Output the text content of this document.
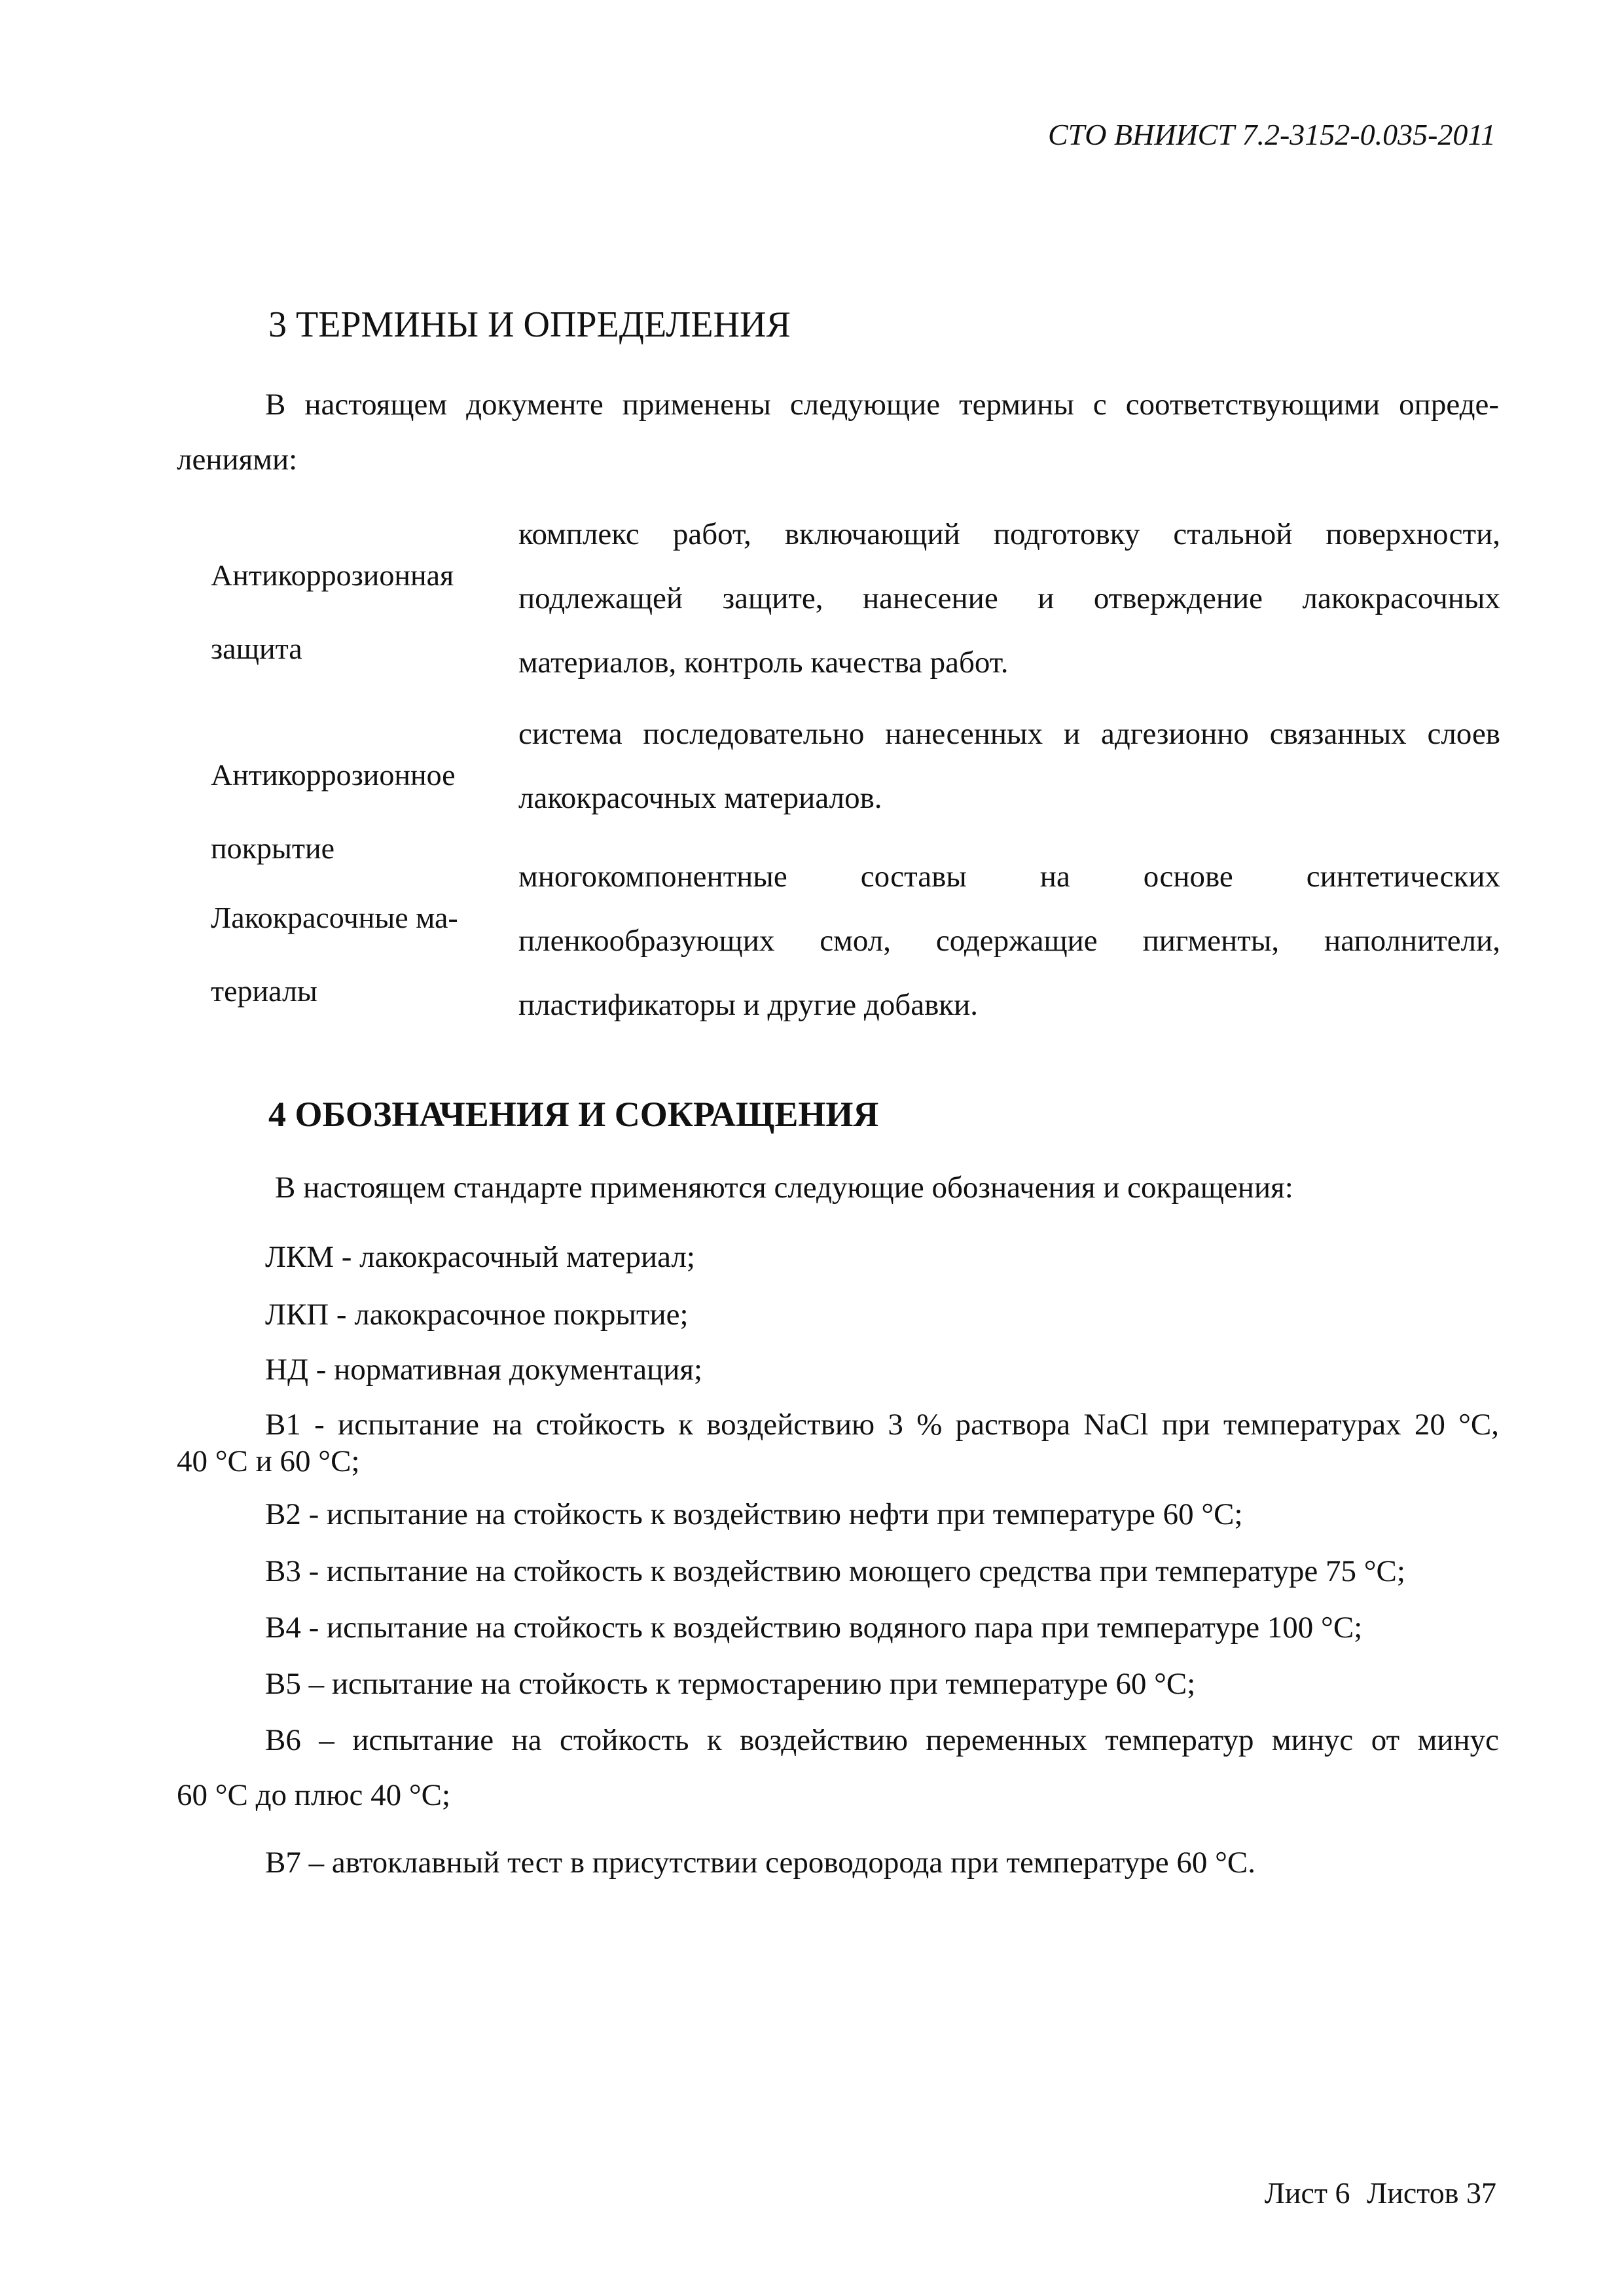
СТО ВНИИСТ 7.2-3152-0.035-2011
3 ТЕРМИНЫ И ОПРЕДЕЛЕНИЯ
В настоящем документе применены следующие термины с соответствующими опреде-
лениями:

Антикоррозионная

защита

комплекс работ, включающий подготовку стальной поверхности, подлежащей защите, нанесение и отверждение лакокрасочных материалов, контроль качества работ.

Антикоррозионное

покрытие

система последовательно нанесенных и адгезионно связанных слоев лакокрасочных материалов.

Лакокрасочные ма-

териалы

многокомпонентные составы на основе синтетических пленкообразующих смол, содержащие пигменты, наполнители, пластификаторы и другие добавки.
4 ОБОЗНАЧЕНИЯ И СОКРАЩЕНИЯ
В настоящем стандарте применяются следующие обозначения и сокращения:
ЛКМ - лакокрасочный материал;
ЛКП - лакокрасочное покрытие;
НД - нормативная документация;
В1 - испытание на стойкость к воздействию 3 % раствора NaCl при температурах 20 °С,
40 °С и 60 °С;
В2 - испытание на стойкость к воздействию нефти при температуре 60 °С;
В3 - испытание на стойкость к воздействию моющего средства при температуре 75 °С;
В4 - испытание на стойкость к воздействию водяного пара при температуре 100 °С;
В5 – испытание на стойкость к термостарению при температуре 60 °С;
В6 – испытание на стойкость к воздействию переменных температур минус от минус
60 °С до плюс 40 °С;
В7 – автоклавный тест в присутствии сероводорода при температуре 60 °С.
Лист 6 Листов 37
